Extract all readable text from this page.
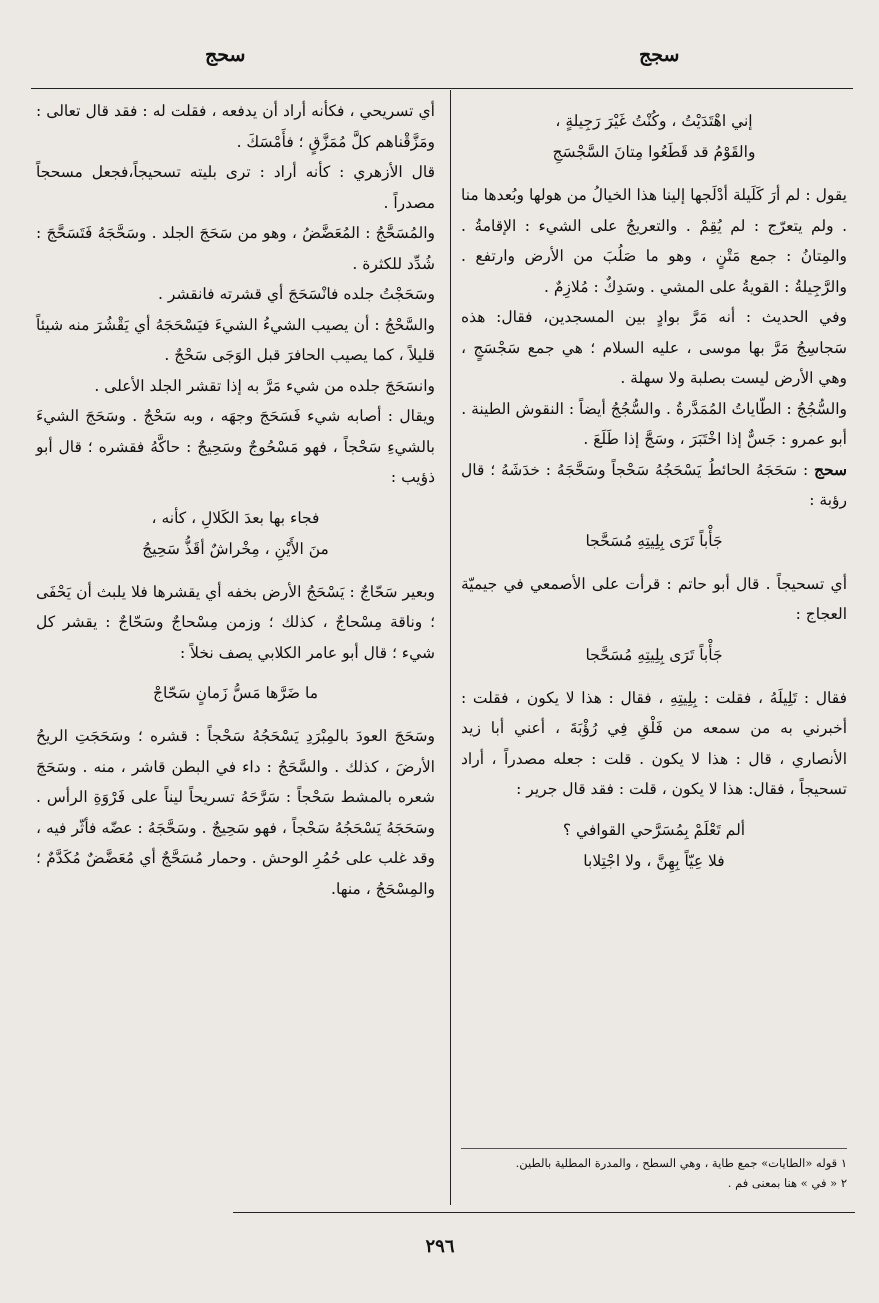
سجج
سحج
إني اهْتَدَيْتُ ، وكُنْتُ غَيْرَ رَجِيلةٍ ،
والقَوْمُ قد قَطَعُوا مِتانَ السَّجْسَجِ

يقول : لم أرَ كَلَيلة أدْلَجها إلينا هذا الخيالُ من هولها وبُعدها منا . ولم يتعرّج : لم يُقِمْ . والتعريجُ على الشيء : الإقامةُ . والمِتانُ : جمع مَتْنٍ ، وهو ما صَلُبَ من الأرض وارتفع . والرَّجِيلةُ : القويةُ على المشي . وسَدِكٌ : مُلازِمٌ .

وفي الحديث : أنه مَرَّ بوادٍ بين المسجدين، فقال: هذه سَجاسِجُ مَرَّ بها موسى ، عليه السلام ؛ هي جمع سَجْسَجٍ ، وهي الأرض ليست بصلبة ولا سهلة .

والسُّجُجُ : الطّاياتُ المُمَدَّرةُ . والسُّجُجُ أيضاً : النقوش الطينة .

أبو عمرو : جَسٌّ إذا اخْتَبَرَ ، وسَجَّ إذا طَلَعَ .

سحج : سَحَجَهُ الحائطُ يَسْحَجُهُ سَحْجاً وسَحَّجَهُ : خدَشَهُ ؛ قال رؤبة :

جَأْباً تَرَى بِلِيتِهِ مُسَحَّجا

أي تسحيجاً . قال أبو حاتم : قرأت على الأصمعي في جيميّة العجاج :

جَأْباً تَرَى بِلِيتِهِ مُسَحَّجا

فقال : تَلِيلَهُ ، فقلت : بِلِيتِهِ ، فقال : هذا لا يكون ، فقلت : أخبرني به من سمعه من فَلْقِ فِي رُؤْبَةَ ، أعني أبا زيد الأنصاري ، قال : هذا لا يكون . قلت : جعله مصدراً ، أراد تسحيجاً ، فقال: هذا لا يكون ، قلت : فقد قال جرير :

ألم تَعْلَمْ بِمُسَرَّحي القوافي ؟
فلا عِيّاً بِهِنَّ ، ولا اجْتِلابا
١ قوله «الطايات» جمع طاية ، وهي السطح ، والمدرة المطلية بالطين.
٢ « في » هنا بمعنى فم .

أي تسريحي ، فكأنه أراد أن يدفعه ، فقلت له : فقد قال تعالى : ومَزَّقْناهم كلَّ مُمَزَّقٍ ؛ فأَمْسَكَ .

قال الأزهري : كأنه أراد : ترى بليته تسحيجاً،فجعل مسحجاً مصدراً .

والمُسَحَّجُ : المُعَضَّضُ ، وهو من سَحَجَ الجلد . وسَحَّجَهُ فَتَسَحَّجَ : شُدِّد للكثرة .

وسَحَجْتُ جلده فانْسَحَجَ أي قشرته فانقشر .

والسَّحْجُ : أن يصيب الشيءُ الشيءَ فيَسْحَجَهُ أي يَقْشُرَ منه شيئاً قليلاً ، كما يصيب الحافرَ قبل الوَجَى سَحْجٌ .

وانسَحَجَ جلده من شيء مَرَّ به إذا تقشر الجلد الأعلى .

ويقال : أصابه شيء فَسَحَجَ وجهَه ، وبه سَحْجٌ . وسَحَجَ الشيءَ بالشيءِ سَحْجاً ، فهو مَسْحُوجٌ وسَحِيجٌ : حاكَّهُ فقشره ؛ قال أبو ذؤيب :

فجاء بها بعدَ الكَلالِ ، كأنه ،
منَ الأَيْنِ ، مِخْراشٌ أقَذُّ سَحِيجُ

وبعير سَحّاجٌ : يَسْحَجُ الأرض بخفه أي يقشرها فلا يلبث أن يَحْفَى ؛ وناقة مِسْحاجٌ ، كذلك ؛ وزمن مِسْحاجٌ وسَحّاجٌ : يقشر كل شيء ؛ قال أبو عامر الكلابي يصف نخلاً :

ما ضَرَّها مَسُّ زَمانٍ سَحّاجْ

وسَحَجَ العودَ بالمِبْرَدِ يَسْحَجُهُ سَحْجاً : قشره ؛ وسَحَجَتِ الريحُ الأرضَ ، كذلك . والسَّحَجُ : داء في البطن قاشر ، منه . وسَحَجَ شعره بالمشط سَحْجاً : سَرَّحَهُ تسريحاً ليناً على فَرْوَةِ الرأس . وسَحَجَهُ يَسْحَجُهُ سَحْجاً ، فهو سَحِيجٌ . وسَحَّجَهُ : عضّه فأثّر فيه ، وقد غلب على حُمُرِ الوحش . وحمار مُسَحَّجٌ أي مُعَضَّضٌ مُكَدَّمٌ ؛ والمِسْحَجُ ، منها.

٢٩٦
